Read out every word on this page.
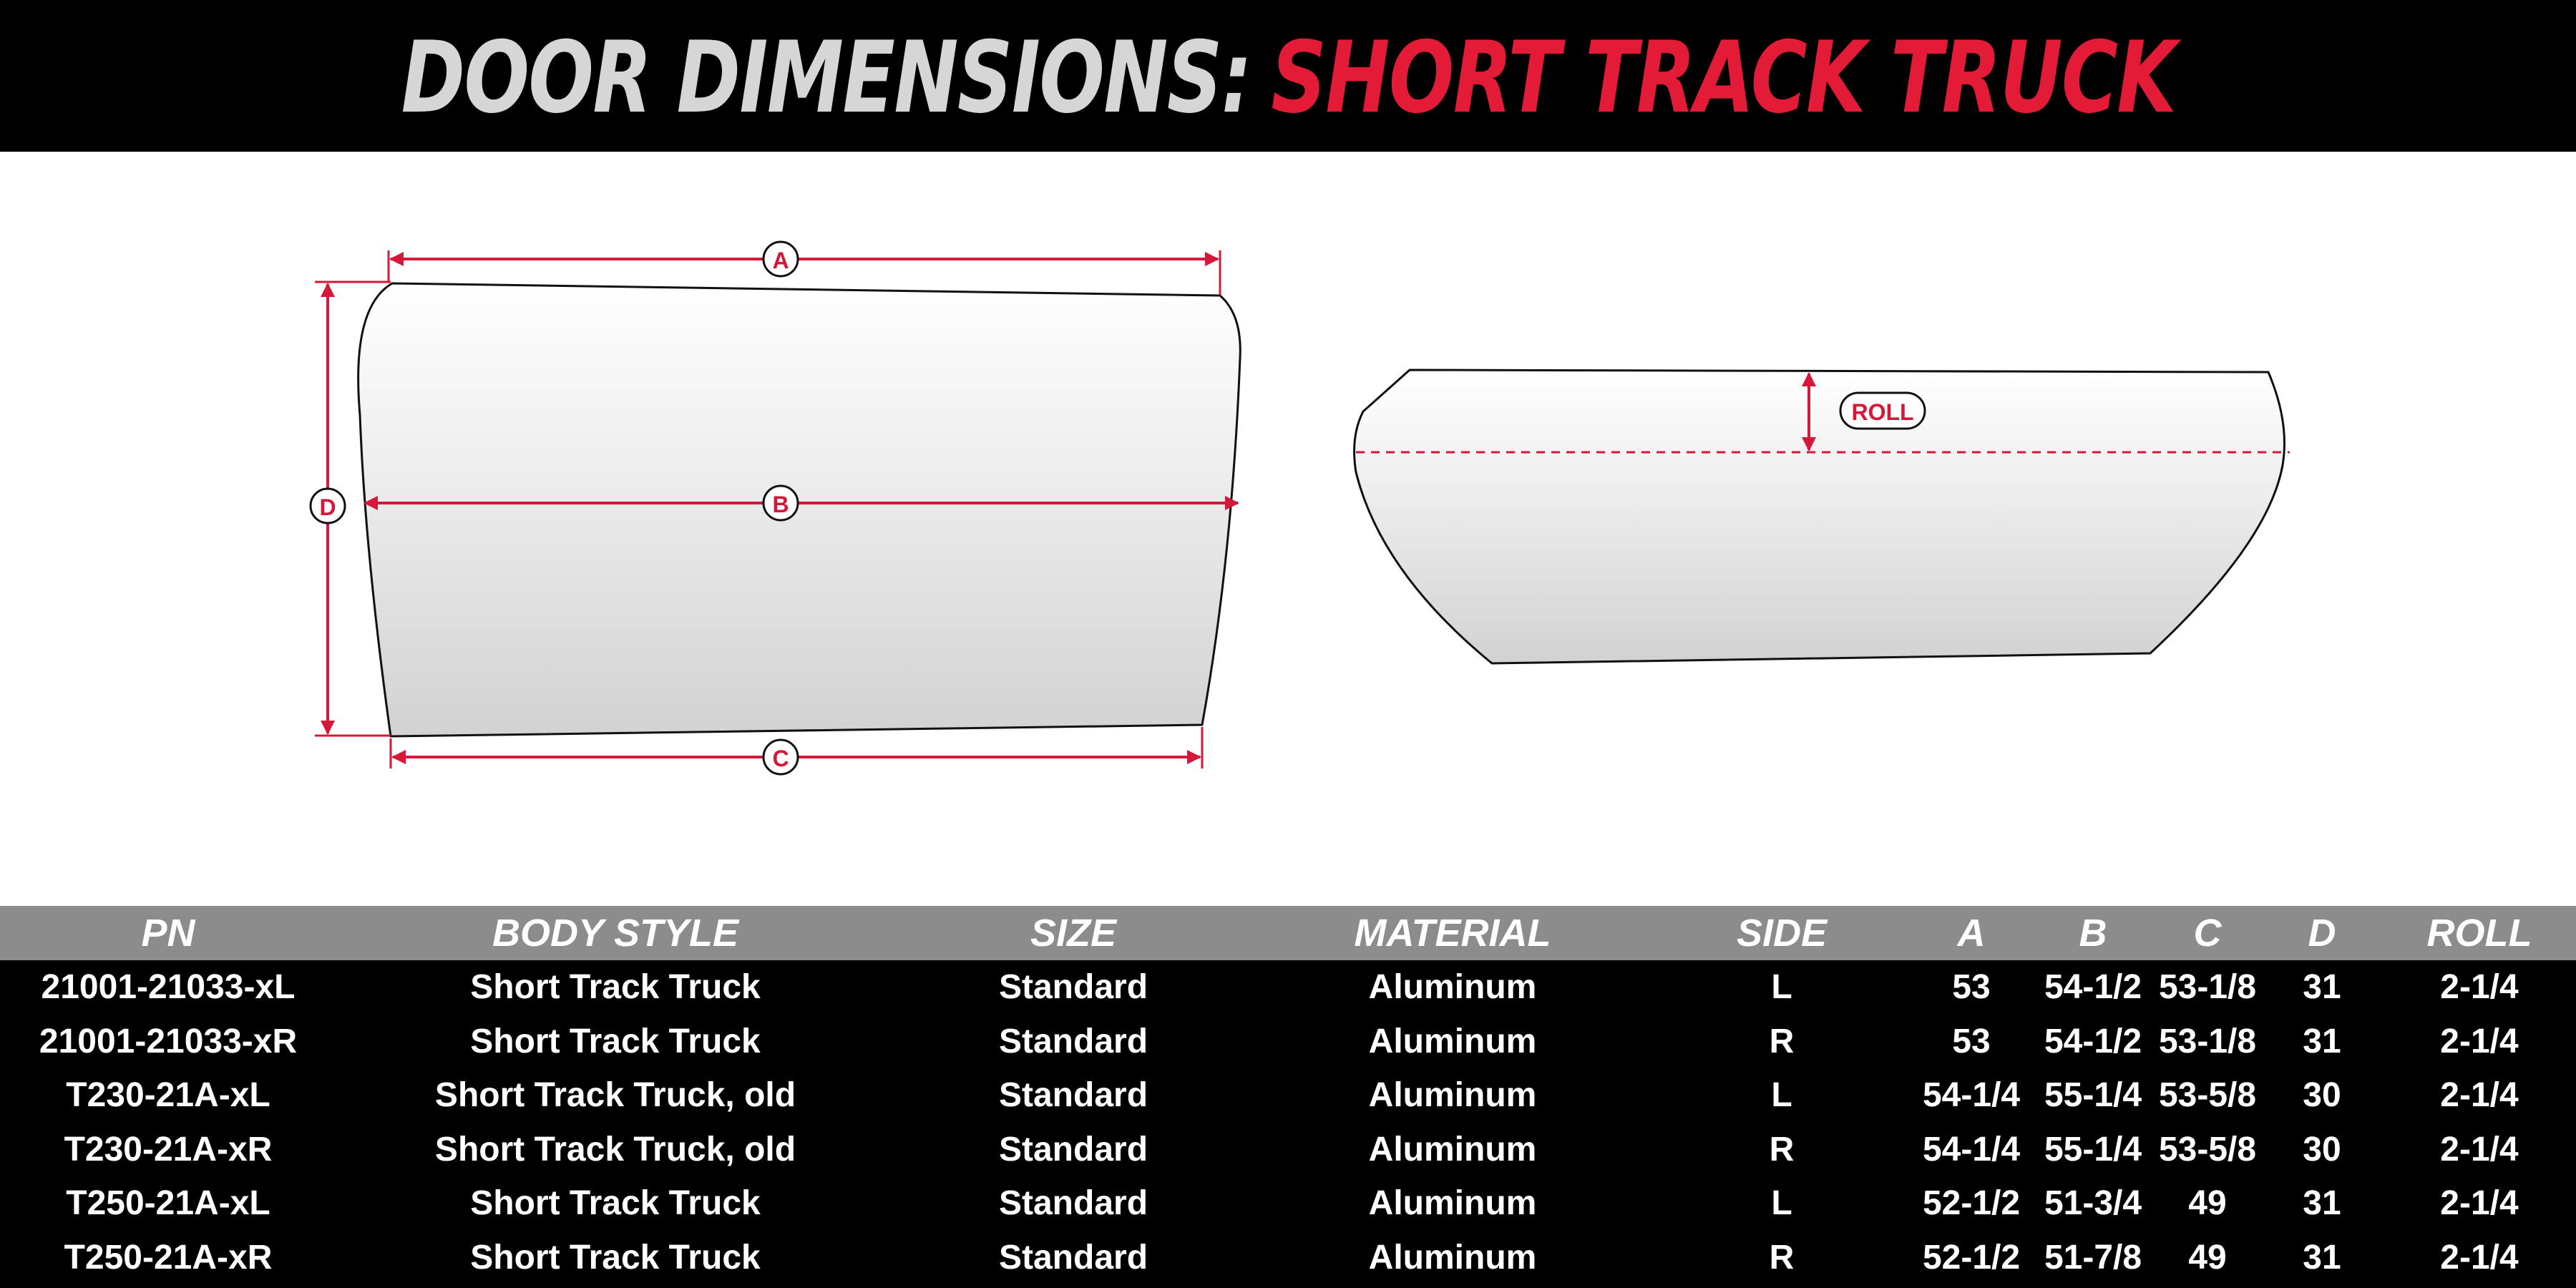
DOOR DIMENSIONS: SHORT TRACK TRUCK
A
B
C
D
ROLL
PN	BODY STYLE	SIZE	MATERIAL	SIDE	A	B	C	D	ROLL
21001-21033-xL	Short Track Truck	Standard	Aluminum	L	53	54-1/2	53-1/8	31	2-1/4
21001-21033-xR	Short Track Truck	Standard	Aluminum	R	53	54-1/2	53-1/8	31	2-1/4
T230-21A-xL	Short Track Truck, old	Standard	Aluminum	L	54-1/4	55-1/4	53-5/8	30	2-1/4
T230-21A-xR	Short Track Truck, old	Standard	Aluminum	R	54-1/4	55-1/4	53-5/8	30	2-1/4
T250-21A-xL	Short Track Truck	Standard	Aluminum	L	52-1/2	51-3/4	49	31	2-1/4
T250-21A-xR	Short Track Truck	Standard	Aluminum	R	52-1/2	51-7/8	49	31	2-1/4
